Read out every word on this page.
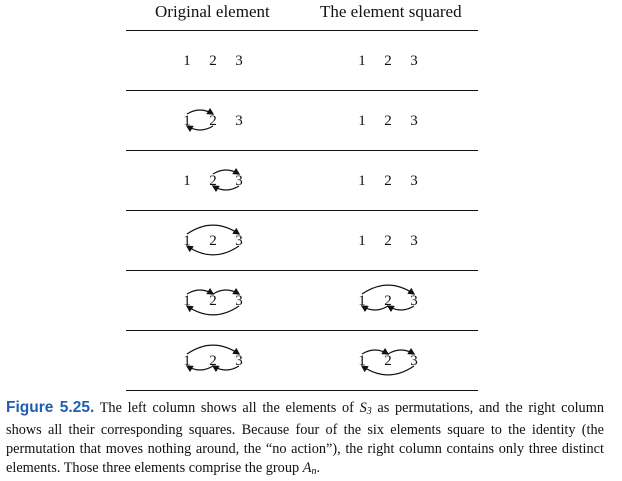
Original element	The element squared
1 2 3	1 2 3
1 2 3	1 2 3
1 2 3	1 2 3
1 2 3	1 2 3
1 2 3	1 2 3
1 2 3	1 2 3
Figure 5.25. The left column shows all the elements of $S_3$ as permutations, and the right column shows all their corresponding squares. Because four of the six elements square to the identity (the permutation that moves nothing around, the “no action”), the right column contains only three distinct elements. Those three elements comprise the group $A_n$.
